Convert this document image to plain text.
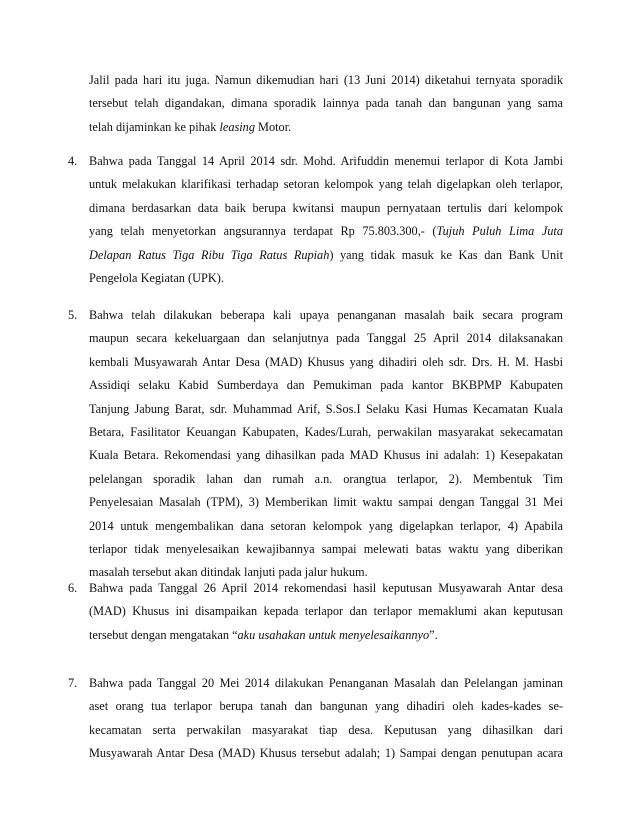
Jalil pada hari itu juga. Namun dikemudian hari (13 Juni 2014) diketahui ternyata sporadik
tersebut telah digandakan, dimana sporadik lainnya pada tanah dan bangunan yang sama
telah dijaminkan ke pihak leasing Motor.
4. Bahwa pada Tanggal 14 April 2014 sdr. Mohd. Arifuddin menemui terlapor di Kota Jambi
untuk melakukan klarifikasi terhadap setoran kelompok yang telah digelapkan oleh terlapor,
dimana berdasarkan data baik berupa kwitansi maupun pernyataan tertulis dari kelompok
yang telah menyetorkan angsurannya terdapat Rp 75.803.300,- (Tujuh Puluh Lima Juta
Delapan Ratus Tiga Ribu Tiga Ratus Rupiah) yang tidak masuk ke Kas dan Bank Unit
Pengelola Kegiatan (UPK).
5. Bahwa telah dilakukan beberapa kali upaya penanganan masalah baik secara program
maupun secara kekeluargaan dan selanjutnya pada Tanggal 25 April 2014 dilaksanakan
kembali Musyawarah Antar Desa (MAD) Khusus yang dihadiri oleh sdr. Drs. H. M. Hasbi
Assidiqi selaku Kabid Sumberdaya dan Pemukiman pada kantor BKBPMP Kabupaten
Tanjung Jabung Barat, sdr. Muhammad Arif, S.Sos.I Selaku Kasi Humas Kecamatan Kuala
Betara, Fasilitator Keuangan Kabupaten, Kades/Lurah, perwakilan masyarakat sekecamatan
Kuala Betara. Rekomendasi yang dihasilkan pada MAD Khusus ini adalah: 1) Kesepakatan
pelelangan sporadik lahan dan rumah a.n. orangtua terlapor, 2). Membentuk Tim
Penyelesaian Masalah (TPM), 3) Memberikan limit waktu sampai dengan Tanggal 31 Mei
2014 untuk mengembalikan dana setoran kelompok yang digelapkan terlapor, 4) Apabila
terlapor tidak menyelesaikan kewajibannya sampai melewati batas waktu yang diberikan
masalah tersebut akan ditindak lanjuti pada jalur hukum.
6. Bahwa pada Tanggal 26 April 2014 rekomendasi hasil keputusan Musyawarah Antar desa
(MAD) Khusus ini disampaikan kepada terlapor dan terlapor memaklumi akan keputusan
tersebut dengan mengatakan “aku usahakan untuk menyelesaikannyo”.
7. Bahwa pada Tanggal 20 Mei 2014 dilakukan Penanganan Masalah dan Pelelangan jaminan
aset orang tua terlapor berupa tanah dan bangunan yang dihadiri oleh kades-kades se-
kecamatan serta perwakilan masyarakat tiap desa. Keputusan yang dihasilkan dari
Musyawarah Antar Desa (MAD) Khusus tersebut adalah; 1) Sampai dengan penutupan acara
